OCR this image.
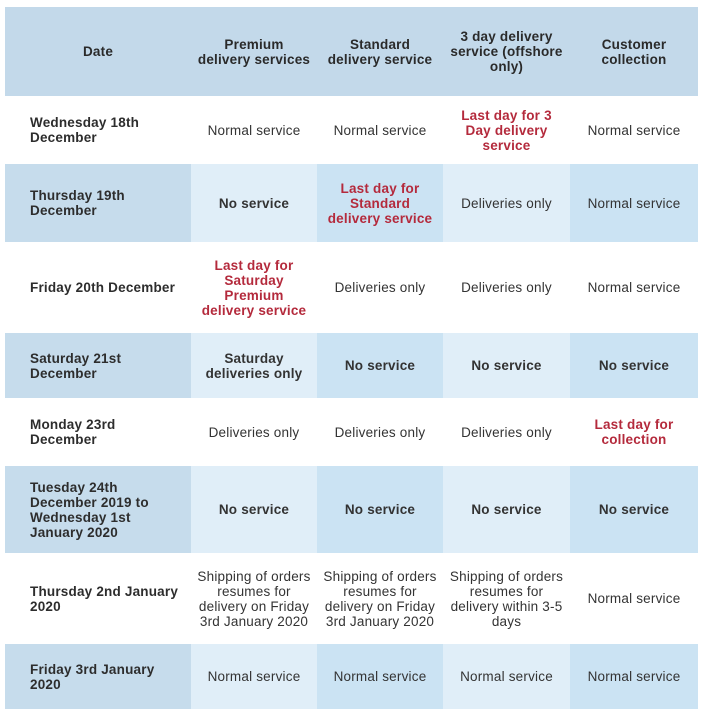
Date	Premium delivery services	Standard delivery service	3 day delivery service (offshore only)	Customer collection
Wednesday 18th December	Normal service	Normal service	Last day for 3 Day delivery service	Normal service
Thursday 19th December	No service	Last day for Standard delivery service	Deliveries only	Normal service
Friday 20th December	Last day for Saturday Premium delivery service	Deliveries only	Deliveries only	Normal service
Saturday 21st December	Saturday deliveries only	No service	No service	No service
Monday 23rd December	Deliveries only	Deliveries only	Deliveries only	Last day for collection
Tuesday 24th December 2019 to Wednesday 1st January 2020	No service	No service	No service	No service
Thursday 2nd January 2020	Shipping of orders resumes for delivery on Friday 3rd January 2020	Shipping of orders resumes for delivery on Friday 3rd January 2020	Shipping of orders resumes for delivery within 3-5 days	Normal service
Friday 3rd January 2020	Normal service	Normal service	Normal service	Normal service
